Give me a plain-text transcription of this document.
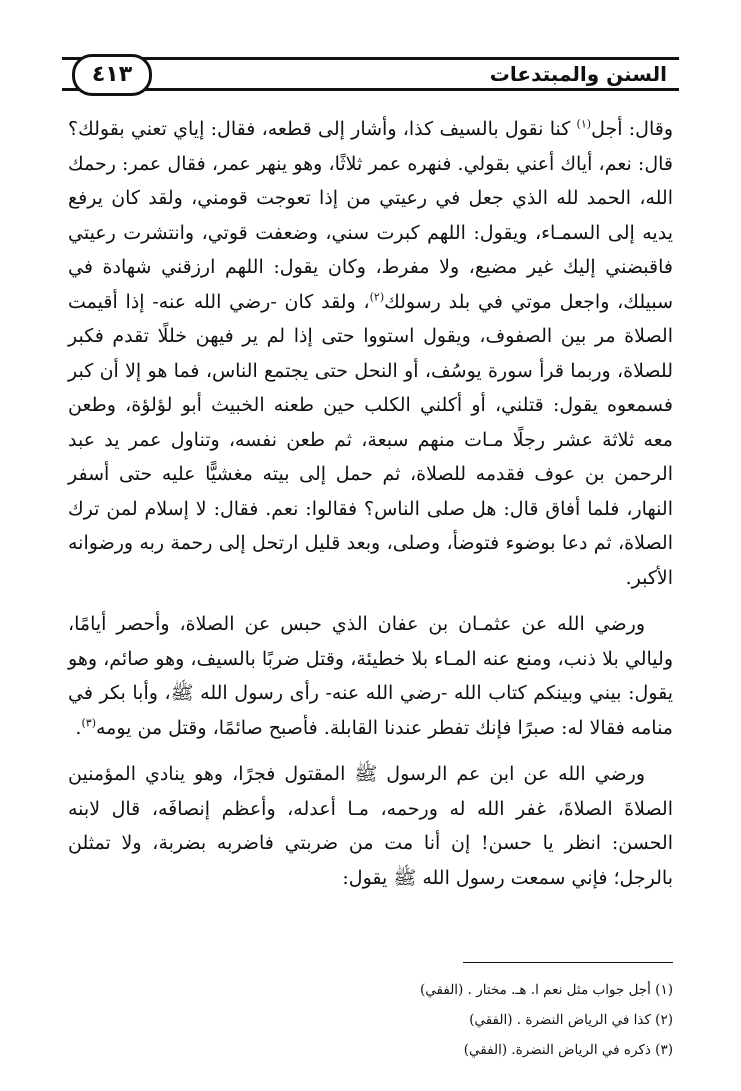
السنن والمبتدعات
٤١٣

وقال: أجل$^{(١)}$ كنا نقول بالسيف كذا، وأشار إلى قطعه، فقال: إياي تعني بقولك؟ قال: نعم، أياك أعني بقولي. فنهره عمر ثلاثًا، وهو ينهر عمر، فقال عمر: رحمك الله، الحمد لله الذي جعل في رعيتي من إذا تعوجت قومني، ولقد كان يرفع يديه إلى السمـاء، ويقول: اللهم كبرت سني، وضعفت قوتي، وانتشرت رعيتي فاقبضني إليك غير مضيع، ولا مفرط، وكان يقول: اللهم ارزقني شهادة في سبيلك، واجعل موتي في بلد رسولك$^{(٢)}$، ولقد كان -رضي الله عنه- إذا أقيمت الصلاة مر بين الصفوف، ويقول استووا حتى إذا لم ير فيهن خللًا تقدم فكبر للصلاة، وربما قرأ سورة يوسُف، أو النحل حتى يجتمع الناس، فما هو إلا أن كبر فسمعوه يقول: قتلني، أو أكلني الكلب حين طعنه الخبيث أبو لؤلؤة، وطعن معه ثلاثة عشر رجلًا مـات منهم سبعة، ثم طعن نفسه، وتناول عمر يد عبد الرحمن بن عوف فقدمه للصلاة، ثم حمل إلى بيته مغشيًّا عليه حتى أسفر النهار، فلما أفاق قال: هل صلى الناس؟ فقالوا: نعم. فقال: لا إسلام لمن ترك الصلاة، ثم دعا بوضوء فتوضأ، وصلى، وبعد قليل ارتحل إلى رحمة ربه ورضوانه الأكبر.

ورضي الله عن عثمـان بن عفان الذي حبس عن الصلاة، وأحصر أيامًا، وليالي بلا ذنب، ومنع عنه المـاء بلا خطيئة، وقتل ضربًا بالسيف، وهو صائم، وهو يقول: بيني وبينكم كتاب الله -رضي الله عنه- رأى رسول الله ﷺ، وأبا بكر في منامه فقالا له: صبرًا فإنك تفطر عندنا القابلة. فأصبح صائمًا، وقتل من يومه$^{(٣)}$.

ورضي الله عن ابن عم الرسول ﷺ المقتول فجرًا، وهو ينادي المؤمنين الصلاةَ الصلاةَ، غفر الله له ورحمه، مـا أعدله، وأعظم إنصافَه، قال لابنه الحسن: انظر يا حسن! إن أنا مت من ضربتي فاضربه بضربة، ولا تمثلن بالرجل؛ فإني سمعت رسول الله ﷺ يقول:

(١) أجل جواب مثل نعم ا. هـ. مختار . (الفقي)
(٢) كذا في الرياض النضرة . (الفقي)
(٣) ذكره في الرياض النضرة. (الفقي)
